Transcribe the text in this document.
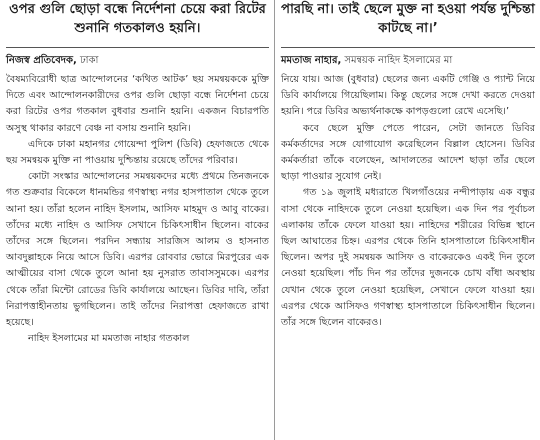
ওপর গুলি ছোড়া বন্ধে নির্দেশনা চেয়ে করা রিটের শুনানি গতকালও হয়নি।
নিজস্ব প্রতিবেদক, ঢাকা

বৈষম্যবিরোধী ছাত্র আন্দোলনের ‘কথিত আটক’ ছয় সমন্বয়ককে মুক্তি দিতে এবং আন্দোলনকারীদের ওপর গুলি ছোড়া বন্ধে নির্দেশনা চেয়ে করা রিটের ওপর গতকাল বুধবার শুনানি হয়নি। একজন বিচারপতি অসুস্থ থাকার কারণে বেঞ্চ না বসায় শুনানি হয়নি।

এদিকে ঢাকা মহানগর গোয়েন্দা পুলিশ (ডিবি) হেফাজতে থেকে ছয় সমন্বয়ক মুক্তি না পাওয়ায় দুশ্চিন্তায় রয়েছে তাঁদের পরিবার।

কোটা সংস্কার আন্দোলনের সমন্বয়কদের মধ্যে প্রথমে তিনজনকে গত শুক্রবার বিকেলে ধানমন্ডির গণস্বাস্থ্য নগর হাসপাতাল থেকে তুলে আনা হয়। তাঁরা হলেন নাহিদ ইসলাম, আসিফ মাহমুদ ও আবু বাকের। তাঁদের মধ্যে নাহিদ ও আসিফ সেখানে চিকিৎসাধীন ছিলেন। বাকের তাঁদের সঙ্গে ছিলেন। পরদিন সন্ধ্যায় সারজিস আলম ও হাসনাত আবদুল্লাহকে নিয়ে আসে ডিবি। এরপর রোববার ভোরে মিরপুরের এক আত্মীয়ের বাসা থেকে তুলে আনা হয় নুসরাত তাবাসসুমকে। এরপর থেকে তাঁরা মিন্টো রোডের ডিবি কার্যালয়ে আছেন। ডিবির দাবি, তাঁরা নিরাপত্তাহীনতায় ভুগছিলেন। তাই তাঁদের নিরাপত্তা হেফাজতে রাখা হয়েছে।

নাহিদ ইসলামের মা মমতাজ নাহার গতকাল

পারছি না। তাই ছেলে মুক্ত না হওয়া পর্যন্ত দুশ্চিন্তা কাটছে না।’
মমতাজ নাহার, সমন্বয়ক নাহিদ ইসলামের মা

নিয়ে যায়। আজ (বুধবার) ছেলের জন্য একটি গেঞ্জি ও প্যান্ট নিয়ে ডিবি কার্যালয়ে গিয়েছিলাম। কিন্তু ছেলের সঙ্গে দেখা করতে দেওয়া হয়নি। পরে ডিবির অভ্যর্থনাকক্ষে কাপড়গুলো রেখে এসেছি।’

কবে ছেলে মুক্তি পেতে পারেন, সেটা জানতে ডিবির কর্মকর্তাদের সঙ্গে যোগাযোগ করেছিলেন বিল্লাল হোসেন। ডিবির কর্মকর্তারা তাঁকে বলেছেন, আদালতের আদেশ ছাড়া তাঁর ছেলে ছাড়া পাওয়ার সুযোগ নেই।

গত ১৯ জুলাই মধ্যরাতে খিলগাঁওয়ের নন্দীপাড়ায় এক বন্ধুর বাসা থেকে নাহিদকে তুলে নেওয়া হয়েছিল। এক দিন পর পূর্বাচল এলাকায় তাঁকে ফেলে যাওয়া হয়। নাহিদের শরীরের বিভিন্ন স্থানে ছিল আঘাতের চিহ্ন। এরপর থেকে তিনি হাসপাতালে চিকিৎসাধীন ছিলেন। অপর দুই সমন্বয়ক আসিফ ও বাকেরকেও একই দিন তুলে নেওয়া হয়েছিল। পাঁচ দিন পর তাঁদের দুজনকে চোখ বাঁধা অবস্থায় যেখান থেকে তুলে নেওয়া হয়েছিল, সেখানে ফেলে যাওয়া হয়। এরপর থেকে আসিফও গণস্বাস্থ্য হাসপাতালে চিকিৎসাধীন ছিলেন। তাঁর সঙ্গে ছিলেন বাকেরও।
